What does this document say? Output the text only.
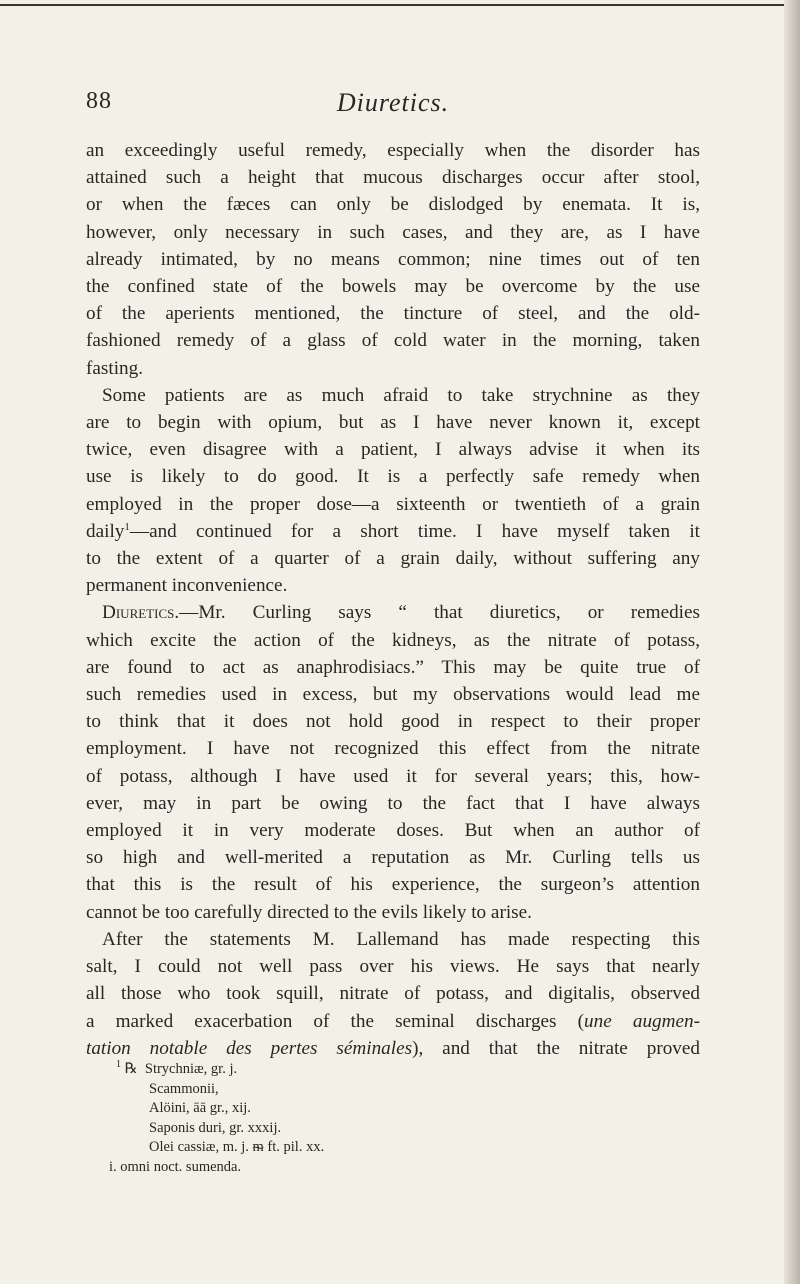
88	Diuretics.

an exceedingly useful remedy, especially when the disorder has

attained such a height that mucous discharges occur after stool,

or when the fæces can only be dislodged by enemata. It is,

however, only necessary in such cases, and they are, as I have

already intimated, by no means common; nine times out of ten

the confined state of the bowels may be overcome by the use

of the aperients mentioned, the tincture of steel, and the old-

fashioned remedy of a glass of cold water in the morning, taken

fasting.

Some patients are as much afraid to take strychnine as they

are to begin with opium, but as I have never known it, except

twice, even disagree with a patient, I always advise it when its

use is likely to do good. It is a perfectly safe remedy when

employed in the proper dose—a sixteenth or twentieth of a grain

daily$^1$—and continued for a short time. I have myself taken it

to the extent of a quarter of a grain daily, without suffering any

permanent inconvenience.

Diuretics.—Mr. Curling says “ that diuretics, or remedies

which excite the action of the kidneys, as the nitrate of potass,

are found to act as anaphrodisiacs.” This may be quite true of

such remedies used in excess, but my observations would lead me

to think that it does not hold good in respect to their proper

employment. I have not recognized this effect from the nitrate

of potass, although I have used it for several years; this, how-

ever, may in part be owing to the fact that I have always

employed it in very moderate doses. But when an author of

so high and well-merited a reputation as Mr. Curling tells us

that this is the result of his experience, the surgeon’s attention

cannot be too carefully directed to the evils likely to arise.

After the statements M. Lallemand has made respecting this

salt, I could not well pass over his views. He says that nearly

all those who took squill, nitrate of potass, and digitalis, observed

a marked exacerbation of the seminal discharges (une augmen-

tation notable des pertes séminales), and that the nitrate proved

$^1$ ℞ Strychniæ, gr. j.
Scammonii,
Alöini, āā gr., xij.
Saponis duri, gr. xxxij.
Olei cassiæ, m. j. ᵯ ft. pil. xx.
i. omni noct. sumenda.
